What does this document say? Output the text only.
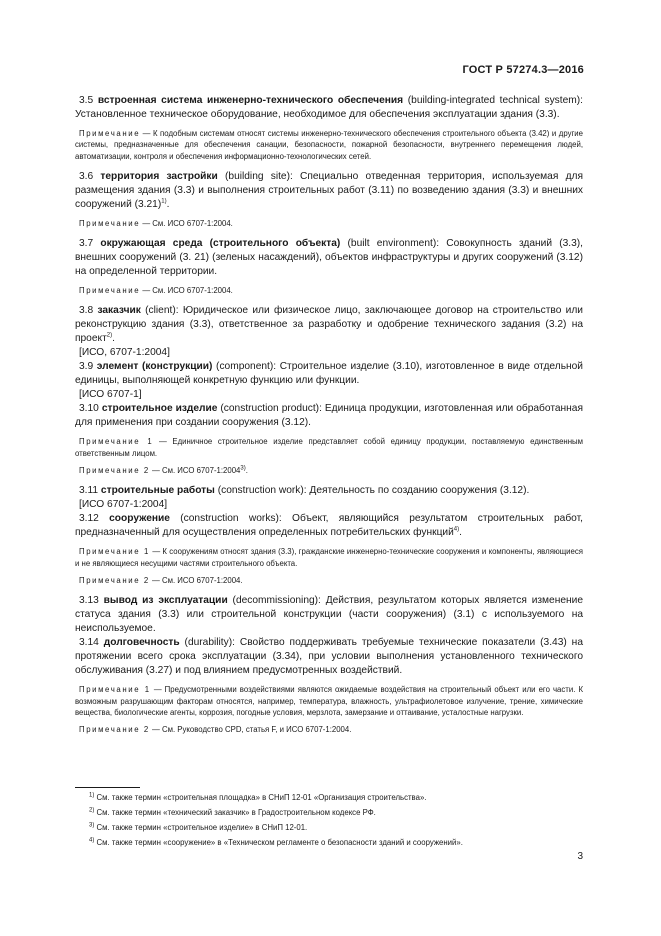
ГОСТ Р 57274.3—2016

3.5 встроенная система инженерно-технического обеспечения (building-integrated technical system): Установленное техническое оборудование, необходимое для обеспечения эксплуатации здания (3.3).

Примечание — К подобным системам относят системы инженерно-технического обеспечения строительного объекта (3.42) и другие системы, предназначенные для обеспечения санации, безопасности, пожарной безопасности, внутреннего перемещения людей, автоматизации, контроля и обеспечения информационно-технологических сетей.

3.6 территория застройки (building site): Специально отведенная территория, используемая для размещения здания (3.3) и выполнения строительных работ (3.11) по возведению здания (3.3) и внешних сооружений $(3.21)^{1)}$.

Примечание — См. ИСО 6707-1:2004.

3.7 окружающая среда (строительного объекта) (built environment): Совокупность зданий (3.3), внешних сооружений (3. 21) (зеленых насаждений), объектов инфраструктуры и других сооружений (3.12) на определенной территории.

Примечание — См. ИСО 6707-1:2004.

3.8 заказчик (client): Юридическое или физическое лицо, заключающее договор на строительство или реконструкцию здания (3.3), ответственное за разработку и одобрение технического задания (3.2) на проект$^{2)}$.

[ИСО, 6707-1:2004]

3.9 элемент (конструкции) (component): Строительное изделие (3.10), изготовленное в виде отдельной единицы, выполняющей конкретную функцию или функции.

[ИСО 6707-1]

3.10 строительное изделие (construction product): Единица продукции, изготовленная или обработанная для применения при создании сооружения (3.12).

Примечание 1 — Единичное строительное изделие представляет собой единицу продукции, поставляемую единственным ответственным лицом.

Примечание 2 — См. ИСО 6707-1:2004$^{3)}$.

3.11 строительные работы (construction work): Деятельность по созданию сооружения (3.12).

[ИСО 6707-1:2004]

3.12 сооружение (construction works): Объект, являющийся результатом строительных работ, предназначенный для осуществления определенных потребительских функций$^{4)}$.

Примечание 1 — К сооружениям относят здания (3.3), гражданские инженерно-технические сооружения и компоненты, являющиеся и не являющиеся несущими частями строительного объекта.

Примечание 2 — См. ИСО 6707-1:2004.

3.13 вывод из эксплуатации (decommissioning): Действия, результатом которых является изменение статуса здания (3.3) или строительной конструкции (части сооружения) (3.1) с используемого на неиспользуемое.

3.14 долговечность (durability): Свойство поддерживать требуемые технические показатели (3.43) на протяжении всего срока эксплуатации (3.34), при условии выполнения установленного технического обслуживания (3.27) и под влиянием предусмотренных воздействий.

Примечание 1 — Предусмотренными воздействиями являются ожидаемые воздействия на строительный объект или его части. К возможным разрушающим факторам относятся, например, температура, влажность, ультрафиолетовое излучение, трение, химические вещества, биологические агенты, коррозия, погодные условия, мерзлота, замерзание и оттаивание, усталостные нагрузки.

Примечание 2 — См. Руководство CPD, статья F, и ИСО 6707-1:2004.

$^{1)}$ См. также термин «строительная площадка» в СНиП 12-01 «Организация строительства».
$^{2)}$ См. также термин «технический заказчик» в Градостроительном кодексе РФ.
$^{3)}$ См. также термин «строительное изделие» в СНиП 12-01.
$^{4)}$ См. также термин «сооружение» в «Техническом регламенте о безопасности зданий и сооружений».
3
